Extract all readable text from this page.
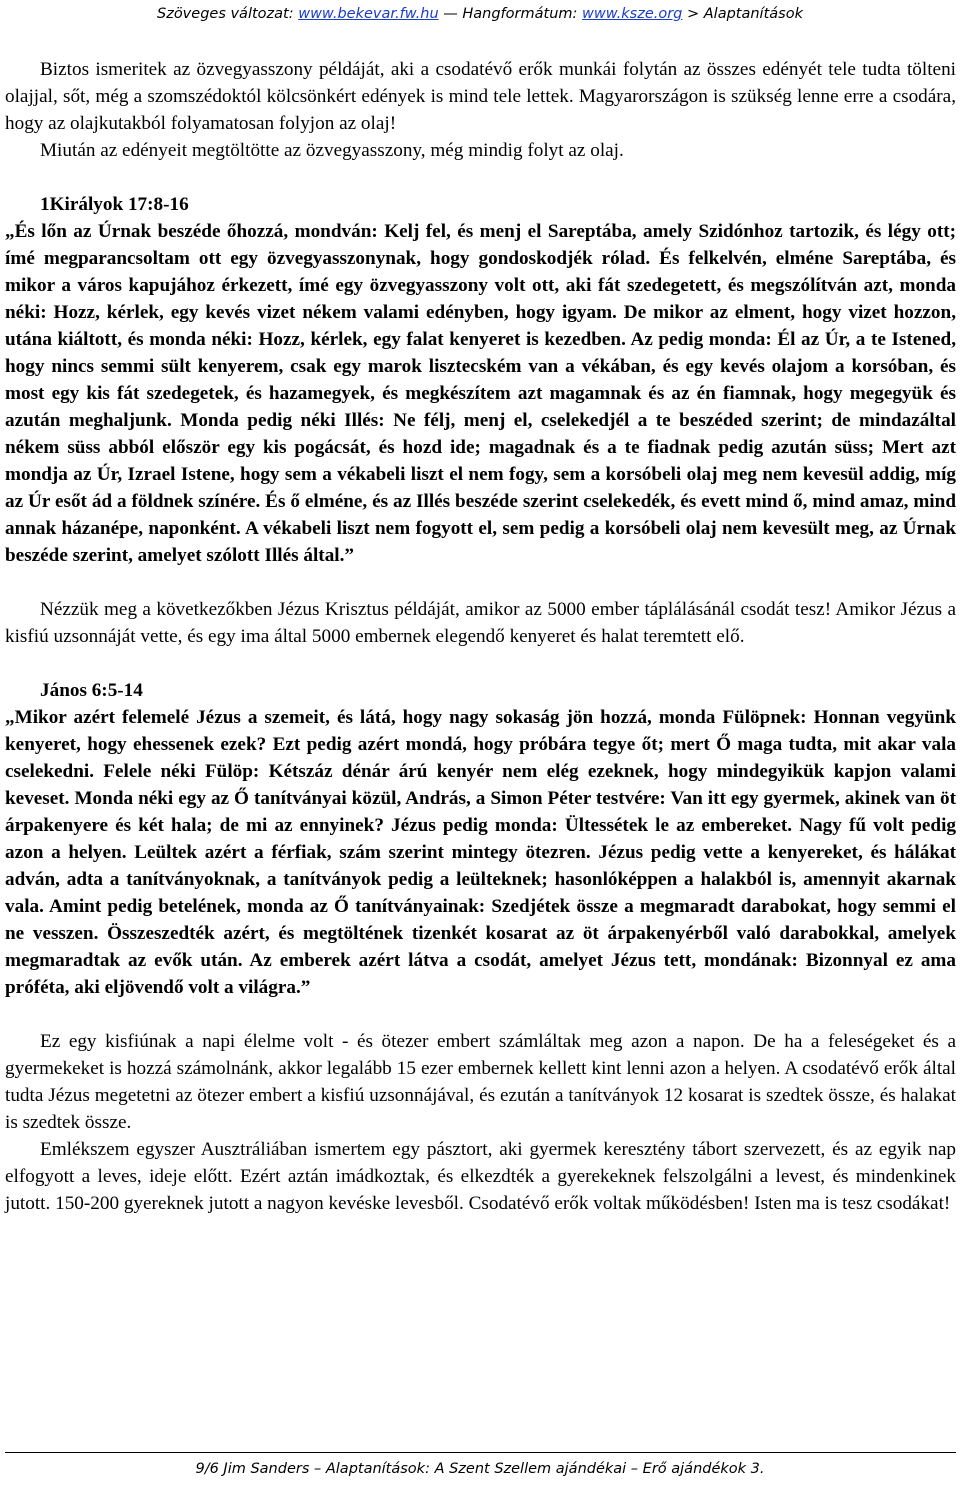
Szöveges változat: www.bekevar.fw.hu — Hangformátum: www.ksze.org > Alaptanítások

Biztos ismeritek az özvegyasszony példáját, aki a csodatévő erők munkái folytán az összes edényét tele tudta tölteni olajjal, sőt, még a szomszédoktól kölcsönkért edények is mind tele lettek. Magyarországon is szükség lenne erre a csodára, hogy az olajkutakból folyamatosan folyjon az olaj!

Miután az edényeit megtöltötte az özvegyasszony, még mindig folyt az olaj.

1Királyok 17:8-16

„És lőn az Úrnak beszéde őhozzá, mondván: Kelj fel, és menj el Sareptába, amely Szidónhoz tartozik, és légy ott; ímé megparancsoltam ott egy özvegyasszonynak, hogy gondoskodjék rólad. És felkelvén, elméne Sareptába, és mikor a város kapujához érkezett, ímé egy özvegyasszony volt ott, aki fát szedegetett, és megszólítván azt, monda néki: Hozz, kérlek, egy kevés vizet nékem valami edényben, hogy igyam. De mikor az elment, hogy vizet hozzon, utána kiáltott, és monda néki: Hozz, kérlek, egy falat kenyeret is kezedben. Az pedig monda: Él az Úr, a te Istened, hogy nincs semmi sült kenyerem, csak egy marok lisztecském van a vékában, és egy kevés olajom a korsóban, és most egy kis fát szedegetek, és hazamegyek, és megkészítem azt magamnak és az én fiamnak, hogy megegyük és azután meghaljunk. Monda pedig néki Illés: Ne félj, menj el, cselekedjél a te beszéded szerint; de mindazáltal nékem süss abból először egy kis pogácsát, és hozd ide; magadnak és a te fiadnak pedig azután süss; Mert azt mondja az Úr, Izrael Istene, hogy sem a vékabeli liszt el nem fogy, sem a korsóbeli olaj meg nem kevesül addig, míg az Úr esőt ád a földnek színére. És ő elméne, és az Illés beszéde szerint cselekedék, és evett mind ő, mind amaz, mind annak házanépe, naponként. A vékabeli liszt nem fogyott el, sem pedig a korsóbeli olaj nem kevesült meg, az Úrnak beszéde szerint, amelyet szólott Illés által.”

Nézzük meg a következőkben Jézus Krisztus példáját, amikor az 5000 ember táplálásánál csodát tesz! Amikor Jézus a kisfiú uzsonnáját vette, és egy ima által 5000 embernek elegendő kenyeret és halat teremtett elő.

János 6:5-14

„Mikor azért felemelé Jézus a szemeit, és látá, hogy nagy sokaság jön hozzá, monda Fülöpnek: Honnan vegyünk kenyeret, hogy ehessenek ezek? Ezt pedig azért mondá, hogy próbára tegye őt; mert Ő maga tudta, mit akar vala cselekedni. Felele néki Fülöp: Kétszáz dénár árú kenyér nem elég ezeknek, hogy mindegyikük kapjon valami keveset. Monda néki egy az Ő tanítványai közül, András, a Simon Péter testvére: Van itt egy gyermek, akinek van öt árpakenyere és két hala; de mi az ennyinek? Jézus pedig monda: Ültessétek le az embereket. Nagy fű volt pedig azon a helyen. Leültek azért a férfiak, szám szerint mintegy ötezren. Jézus pedig vette a kenyereket, és hálákat adván, adta a tanítványoknak, a tanítványok pedig a leülteknek; hasonlóképpen a halakból is, amennyit akarnak vala. Amint pedig betelének, monda az Ő tanítványainak: Szedjétek össze a megmaradt darabokat, hogy semmi el ne vesszen. Összeszedték azért, és megtöltének tizenkét kosarat az öt árpakenyérből való darabokkal, amelyek megmaradtak az evők után. Az emberek azért látva a csodát, amelyet Jézus tett, mondának: Bizonnyal ez ama próféta, aki eljövendő volt a világra.”

Ez egy kisfiúnak a napi élelme volt - és ötezer embert számláltak meg azon a napon. De ha a feleségeket és a gyermekeket is hozzá számolnánk, akkor legalább 15 ezer embernek kellett kint lenni azon a helyen. A csodatévő erők által tudta Jézus megetetni az ötezer embert a kisfiú uzsonnájával, és ezután a tanítványok 12 kosarat is szedtek össze, és halakat is szedtek össze.

Emlékszem egyszer Ausztráliában ismertem egy pásztort, aki gyermek keresztény tábort szervezett, és az egyik nap elfogyott a leves, ideje előtt. Ezért aztán imádkoztak, és elkezdték a gyerekeknek felszolgálni a levest, és mindenkinek jutott. 150-200 gyereknek jutott a nagyon kevéske levesből. Csodatévő erők voltak működésben! Isten ma is tesz csodákat!

9/6 Jim Sanders – Alaptanítások: A Szent Szellem ajándékai – Erő ajándékok 3.
